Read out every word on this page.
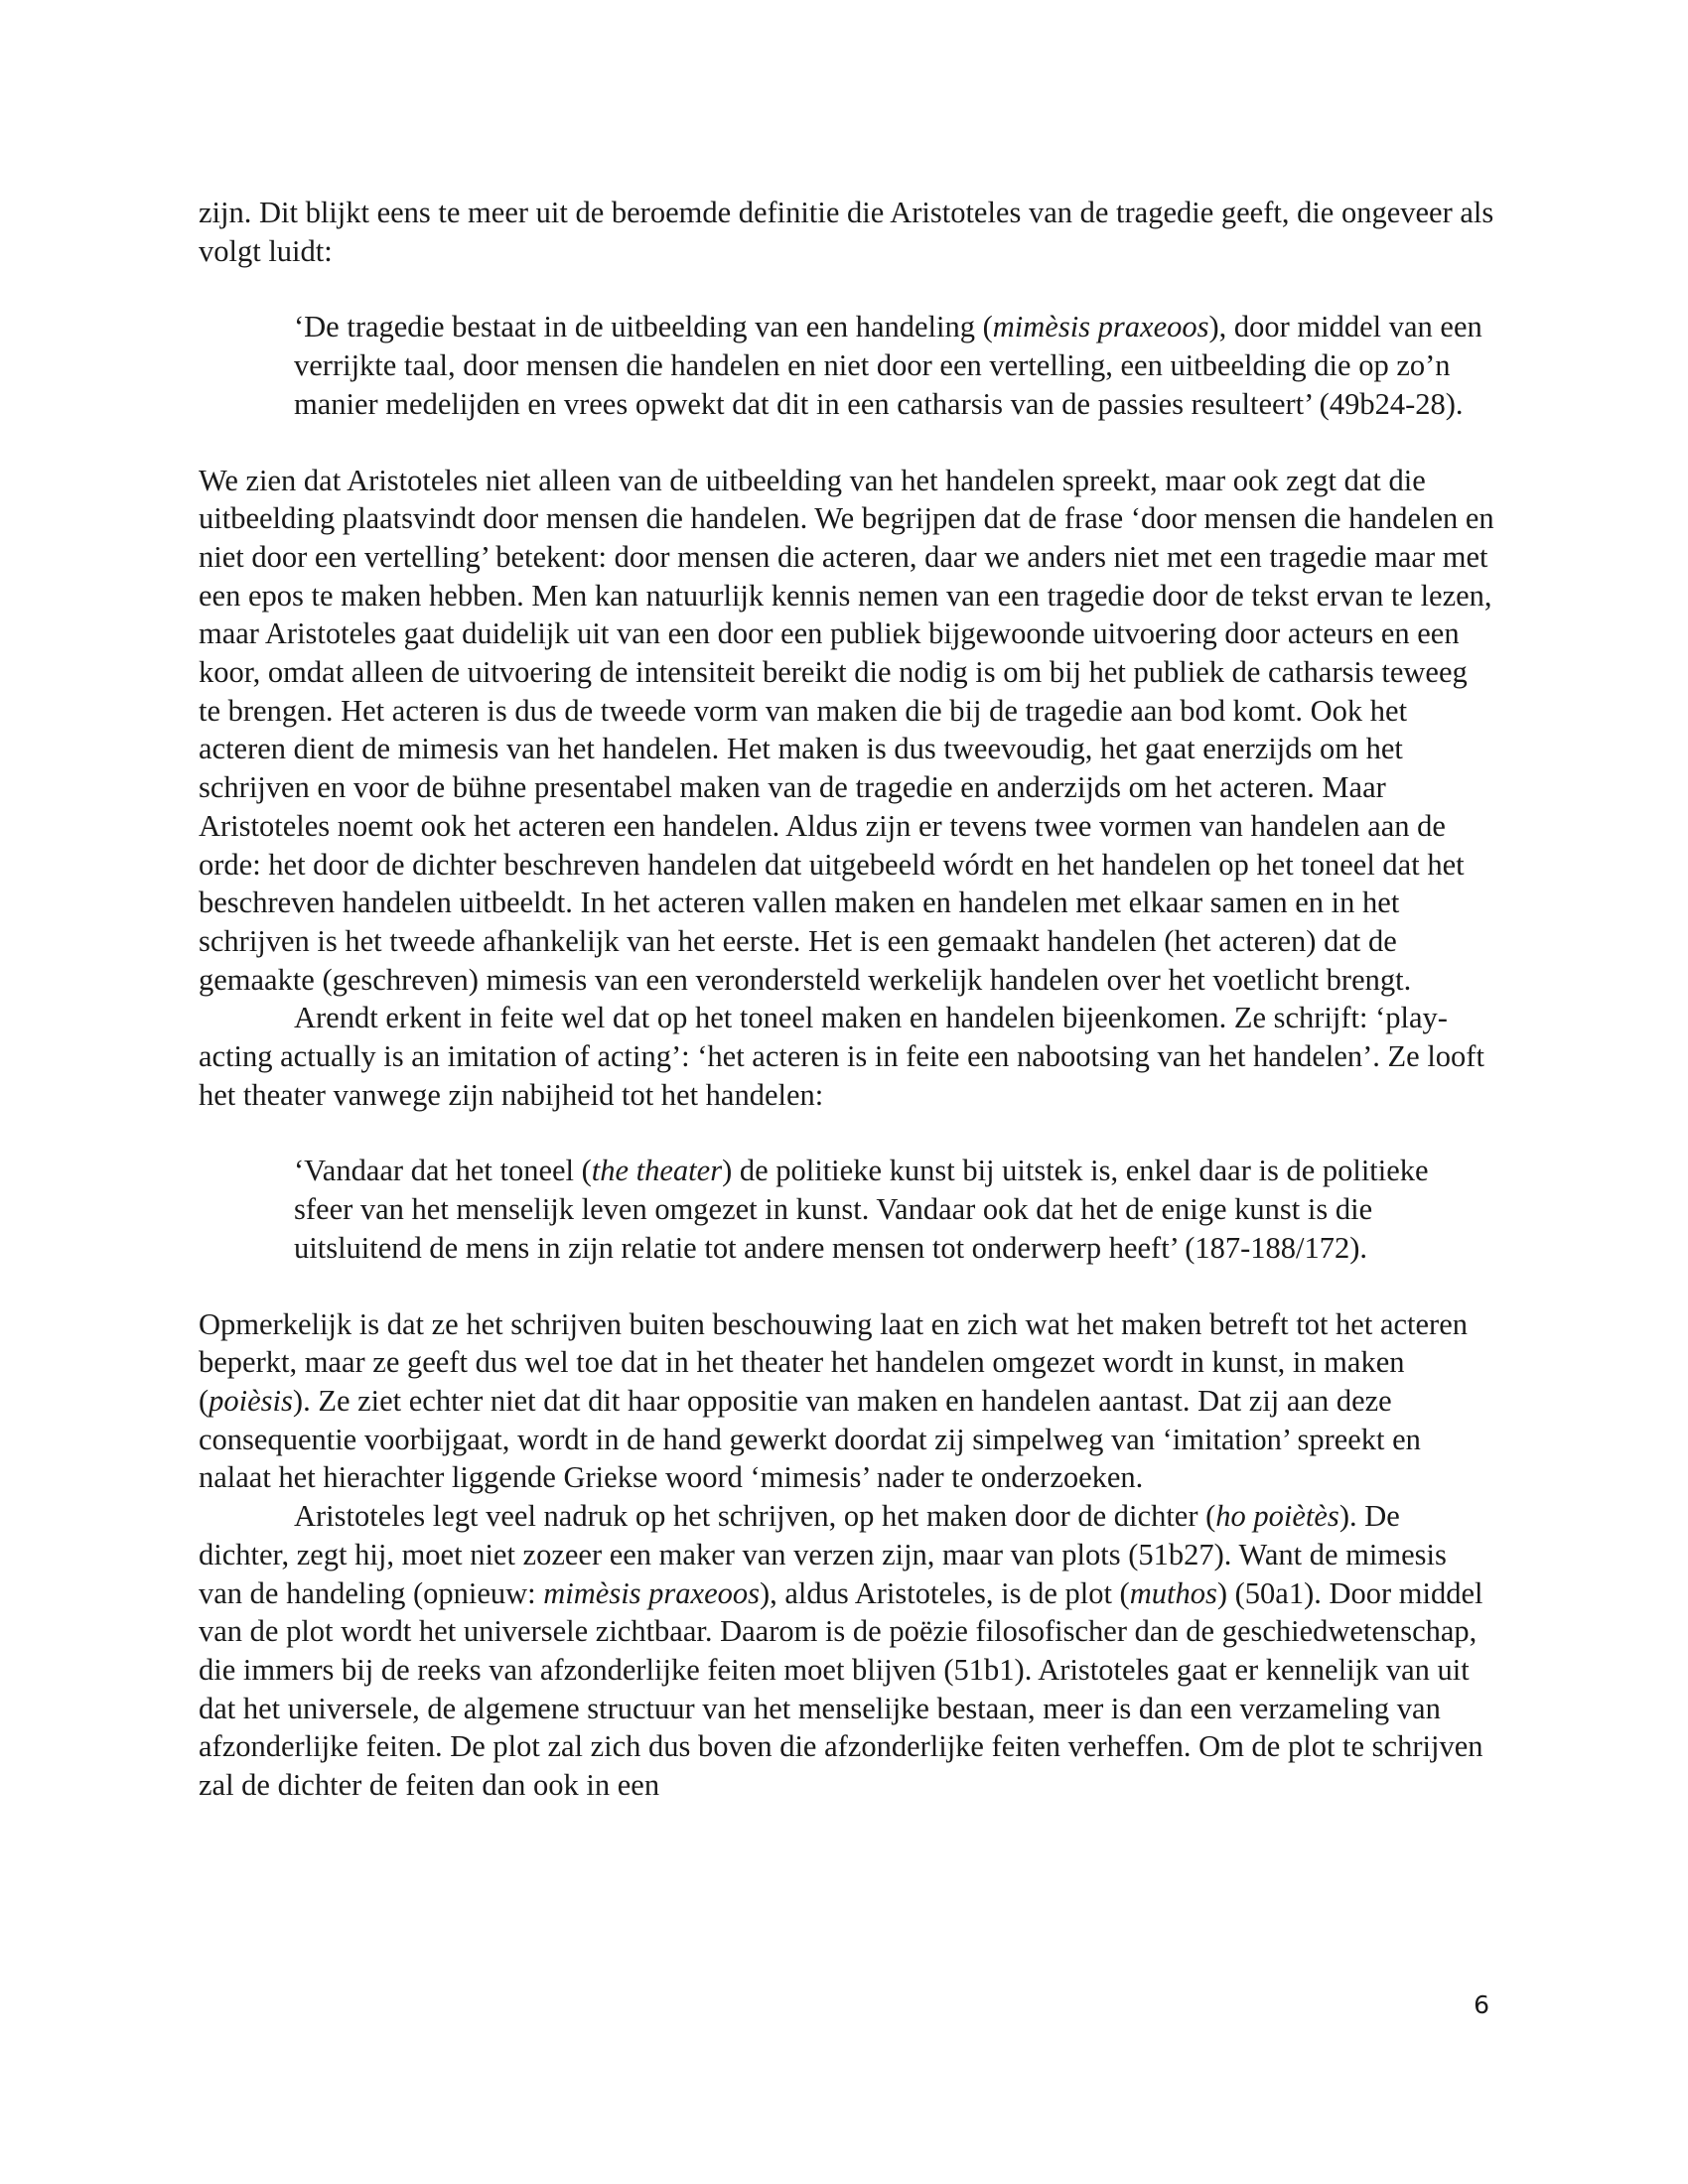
zijn. Dit blijkt eens te meer uit de beroemde definitie die Aristoteles van de tragedie geeft, die ongeveer als volgt luidt:

‘De tragedie bestaat in de uitbeelding van een handeling (mimèsis praxeoos), door middel van een verrijkte taal, door mensen die handelen en niet door een vertelling, een uitbeelding die op zo’n manier medelijden en vrees opwekt dat dit in een catharsis van de passies resulteert’ (49b24-28).

We zien dat Aristoteles niet alleen van de uitbeelding van het handelen spreekt, maar ook zegt dat die uitbeelding plaatsvindt door mensen die handelen. We begrijpen dat de frase ‘door mensen die handelen en niet door een vertelling’ betekent: door mensen die acteren, daar we anders niet met een tragedie maar met een epos te maken hebben. Men kan natuurlijk kennis nemen van een tragedie door de tekst ervan te lezen, maar Aristoteles gaat duidelijk uit van een door een publiek bijgewoonde uitvoering door acteurs en een koor, omdat alleen de uitvoering de intensiteit bereikt die nodig is om bij het publiek de catharsis teweeg te brengen. Het acteren is dus de tweede vorm van maken die bij de tragedie aan bod komt. Ook het acteren dient de mimesis van het handelen. Het maken is dus tweevoudig, het gaat enerzijds om het schrijven en voor de bühne presentabel maken van de tragedie en anderzijds om het acteren. Maar Aristoteles noemt ook het acteren een handelen. Aldus zijn er tevens twee vormen van handelen aan de orde: het door de dichter beschreven handelen dat uitgebeeld wórdt en het handelen op het toneel dat het beschreven handelen uitbeeldt. In het acteren vallen maken en handelen met elkaar samen en in het schrijven is het tweede afhankelijk van het eerste. Het is een gemaakt handelen (het acteren) dat de gemaakte (geschreven) mimesis van een verondersteld werkelijk handelen over het voetlicht brengt.

Arendt erkent in feite wel dat op het toneel maken en handelen bijeenkomen. Ze schrijft: ‘play-acting actually is an imitation of acting’: ‘het acteren is in feite een nabootsing van het handelen’. Ze looft het theater vanwege zijn nabijheid tot het handelen:

‘Vandaar dat het toneel (the theater) de politieke kunst bij uitstek is, enkel daar is de politieke sfeer van het menselijk leven omgezet in kunst. Vandaar ook dat het de enige kunst is die uitsluitend de mens in zijn relatie tot andere mensen tot onderwerp heeft’ (187-188/172).

Opmerkelijk is dat ze het schrijven buiten beschouwing laat en zich wat het maken betreft tot het acteren beperkt, maar ze geeft dus wel toe dat in het theater het handelen omgezet wordt in kunst, in maken (poièsis). Ze ziet echter niet dat dit haar oppositie van maken en handelen aantast. Dat zij aan deze consequentie voorbijgaat, wordt in de hand gewerkt doordat zij simpelweg van ‘imitation’ spreekt en nalaat het hierachter liggende Griekse woord ‘mimesis’ nader te onderzoeken.

Aristoteles legt veel nadruk op het schrijven, op het maken door de dichter (ho poiètès). De dichter, zegt hij, moet niet zozeer een maker van verzen zijn, maar van plots (51b27). Want de mimesis van de handeling (opnieuw: mimèsis praxeoos), aldus Aristoteles, is de plot (muthos) (50a1). Door middel van de plot wordt het universele zichtbaar. Daarom is de poëzie filosofischer dan de geschiedwetenschap, die immers bij de reeks van afzonderlijke feiten moet blijven (51b1). Aristoteles gaat er kennelijk van uit dat het universele, de algemene structuur van het menselijke bestaan, meer is dan een verzameling van afzonderlijke feiten. De plot zal zich dus boven die afzonderlijke feiten verheffen. Om de plot te schrijven zal de dichter de feiten dan ook in een

6
